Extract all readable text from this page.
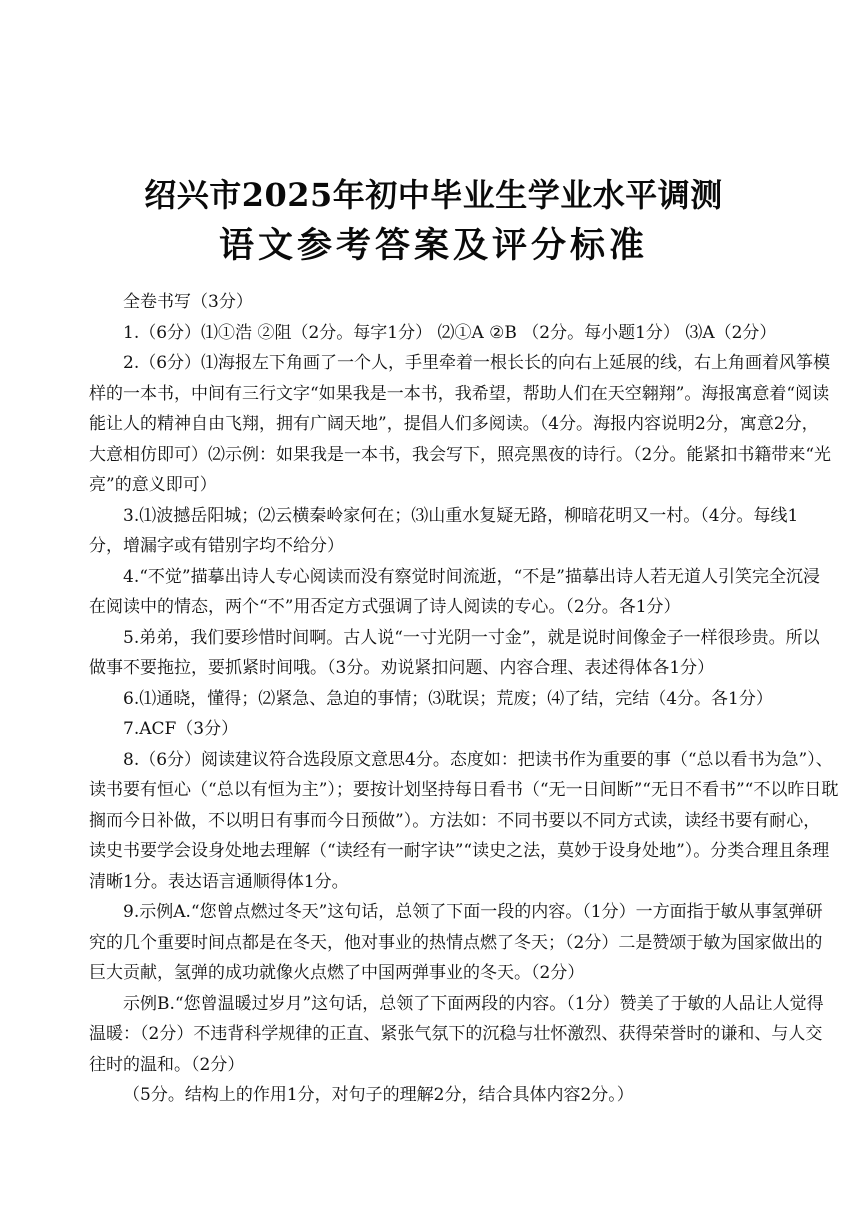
绍兴市2025年初中毕业生学业水平调测
语文参考答案及评分标准
全卷书写（3分）
1.（6分）⑴①浩 ②阻（2分。每字1分） ⑵①A ②B （2分。每小题1分） ⑶A（2分）
2.（6分）⑴海报左下角画了一个人，手里牵着一根长长的向右上延展的线，右上角画着风筝模
样的一本书，中间有三行文字“如果我是一本书，我希望，帮助人们在天空翱翔”。海报寓意着“阅读
能让人的精神自由飞翔，拥有广阔天地”，提倡人们多阅读。（4分。海报内容说明2分，寓意2分，
大意相仿即可）⑵示例：如果我是一本书，我会写下，照亮黑夜的诗行。（2分。能紧扣书籍带来“光
亮”的意义即可）
3.⑴波撼岳阳城；⑵云横秦岭家何在；⑶山重水复疑无路，柳暗花明又一村。（4分。每线1
分，增漏字或有错别字均不给分）
4.“不觉”描摹出诗人专心阅读而没有察觉时间流逝，“不是”描摹出诗人若无道人引笑完全沉浸
在阅读中的情态，两个“不”用否定方式强调了诗人阅读的专心。（2分。各1分）
5.弟弟，我们要珍惜时间啊。古人说“一寸光阴一寸金”，就是说时间像金子一样很珍贵。所以
做事不要拖拉，要抓紧时间哦。（3分。劝说紧扣问题、内容合理、表述得体各1分）
6.⑴通晓，懂得；⑵紧急、急迫的事情；⑶耽误；荒废；⑷了结，完结（4分。各1分）
7.ACF（3分）
8.（6分）阅读建议符合选段原文意思4分。态度如：把读书作为重要的事（“总以看书为急”）、
读书要有恒心（“总以有恒为主”）；要按计划坚持每日看书（“无一日间断”“无日不看书”“不以昨日耽
搁而今日补做，不以明日有事而今日预做”）。方法如：不同书要以不同方式读，读经书要有耐心，
读史书要学会设身处地去理解（“读经有一耐字诀”“读史之法，莫妙于设身处地”）。分类合理且条理
清晰1分。表达语言通顺得体1分。
9.示例A.“您曾点燃过冬天”这句话，总领了下面一段的内容。（1分）一方面指于敏从事氢弹研
究的几个重要时间点都是在冬天，他对事业的热情点燃了冬天；（2分）二是赞颂于敏为国家做出的
巨大贡献，氢弹的成功就像火点燃了中国两弹事业的冬天。（2分）
示例B.“您曾温暖过岁月”这句话，总领了下面两段的内容。（1分）赞美了于敏的人品让人觉得
温暖：（2分）不违背科学规律的正直、紧张气氛下的沉稳与壮怀激烈、获得荣誉时的谦和、与人交
往时的温和。（2分）
（5分。结构上的作用1分，对句子的理解2分，结合具体内容2分。）
